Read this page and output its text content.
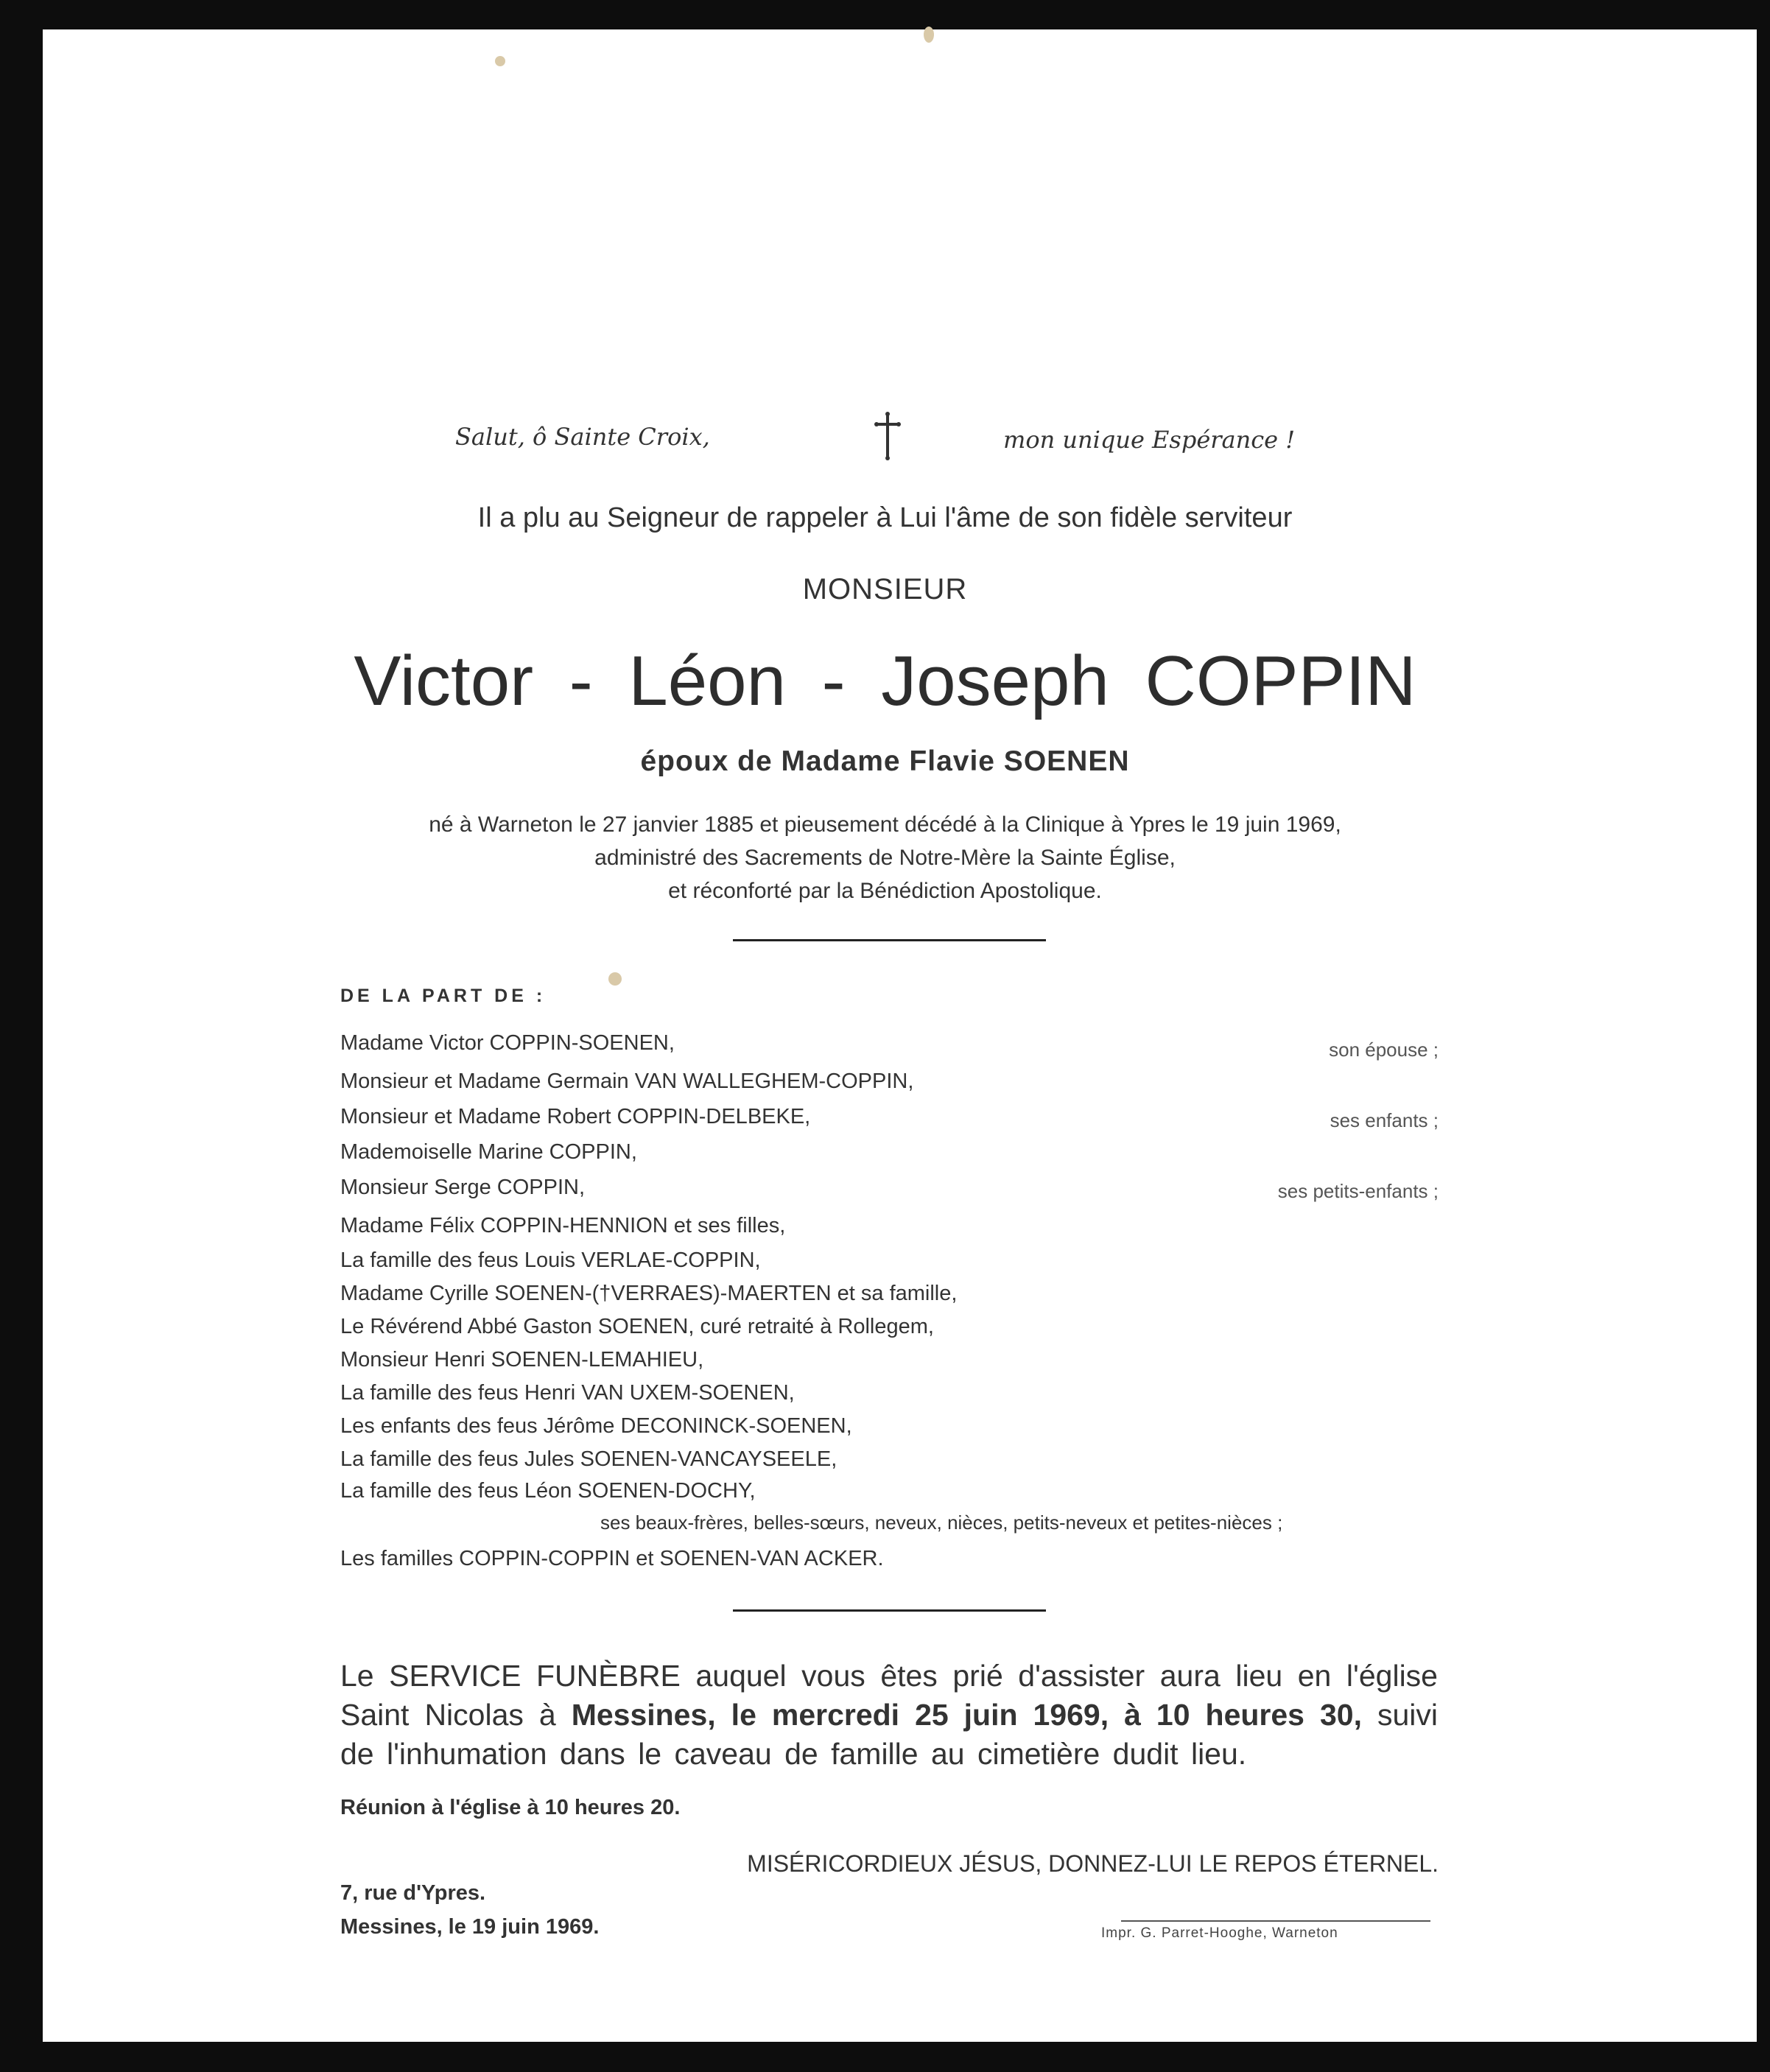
Salut, ô Sainte Croix,	mon unique Espérance !
Il a plu au Seigneur de rappeler à Lui l'âme de son fidèle serviteur
MONSIEUR
Victor - Léon - Joseph COPPIN
époux de Madame Flavie SOENEN
né à Warneton le 27 janvier 1885 et pieusement décédé à la Clinique à Ypres le 19 juin 1969,
administré des Sacrements de Notre-Mère la Sainte Église,
et réconforté par la Bénédiction Apostolique.
DE LA PART DE :
Madame Victor COPPIN-SOENEN,	son épouse ;
Monsieur et Madame Germain VAN WALLEGHEM-COPPIN,
Monsieur et Madame Robert COPPIN-DELBEKE,	ses enfants ;
Mademoiselle Marine COPPIN,
Monsieur Serge COPPIN,	ses petits-enfants ;
Madame Félix COPPIN-HENNION et ses filles,
La famille des feus Louis VERLAE-COPPIN,
Madame Cyrille SOENEN-(†VERRAES)-MAERTEN et sa famille,
Le Révérend Abbé Gaston SOENEN, curé retraité à Rollegem,
Monsieur Henri SOENEN-LEMAHIEU,
La famille des feus Henri VAN UXEM-SOENEN,
Les enfants des feus Jérôme DECONINCK-SOENEN,
La famille des feus Jules SOENEN-VANCAYSEELE,
La famille des feus Léon SOENEN-DOCHY,
ses beaux-frères, belles-sœurs, neveux, nièces, petits-neveux et petites-nièces ;
Les familles COPPIN-COPPIN et SOENEN-VAN ACKER.
Le SERVICE FUNÈBRE auquel vous êtes prié d'assister aura lieu en l'église
Saint Nicolas à Messines, le mercredi 25 juin 1969, à 10 heures 30, suivi
de l'inhumation dans le caveau de famille au cimetière dudit lieu.
Réunion à l'église à 10 heures 20.
MISÉRICORDIEUX JÉSUS, DONNEZ-LUI LE REPOS ÉTERNEL.
7, rue d'Ypres.
Messines, le 19 juin 1969.	Impr. G. Parret-Hooghe, Warneton
